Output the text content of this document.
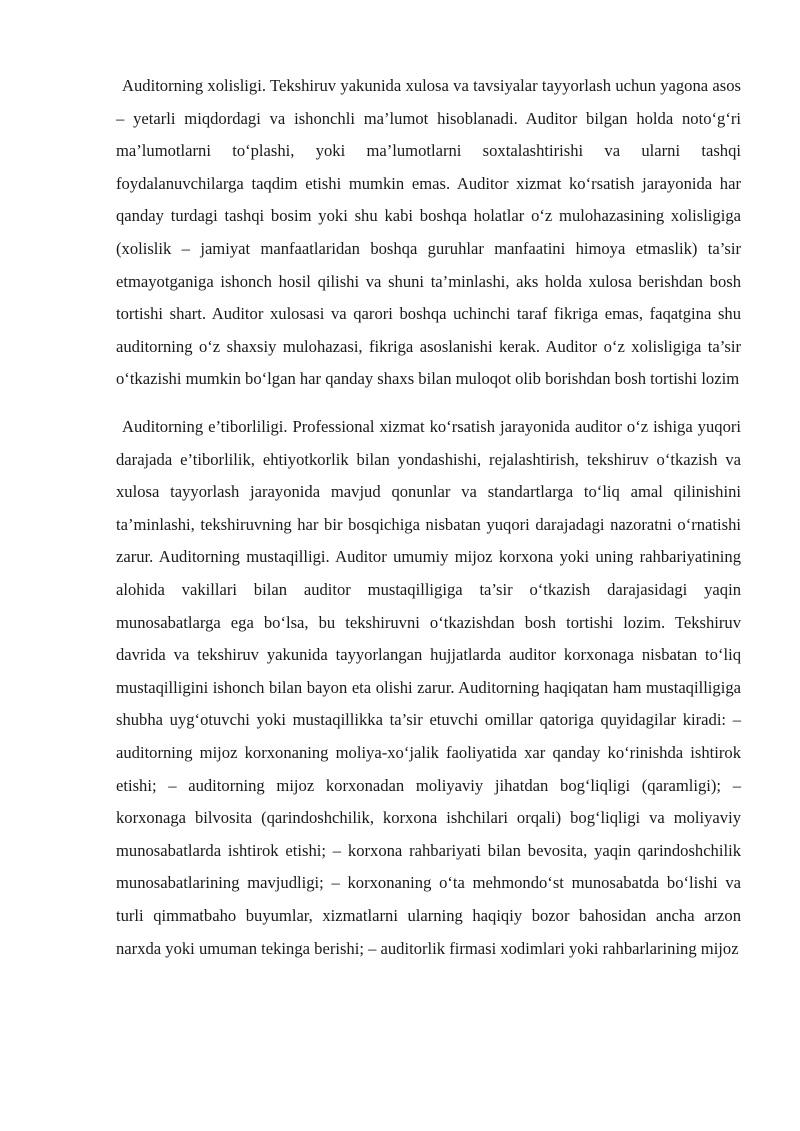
Auditorning xolisligi. Tekshiruv yakunida xulosa va tavsiyalar tayyorlash uchun yagona asos – yetarli miqdordagi va ishonchli ma’lumot hisoblanadi. Auditor bilgan holda noto‘g‘ri ma’lumotlarni to‘plashi, yoki ma’lumotlarni soxtalashtirishi va ularni tashqi foydalanuvchilarga taqdim etishi mumkin emas. Auditor xizmat ko‘rsatish jarayonida har qanday turdagi tashqi bosim yoki shu kabi boshqa holatlar o‘z mulohazasining xolisligiga (xolislik – jamiyat manfaatlaridan boshqa guruhlar manfaatini himoya etmaslik) ta’sir etmayotganiga ishonch hosil qilishi va shuni ta’minlashi, aks holda xulosa berishdan bosh tortishi shart. Auditor xulosasi va qarori boshqa uchinchi taraf fikriga emas, faqatgina shu auditorning o‘z shaxsiy mulohazasi, fikriga asoslanishi kerak. Auditor o‘z xolisligiga ta’sir o‘tkazishi mumkin bo‘lgan har qanday shaxs bilan muloqot olib borishdan bosh tortishi lozim

Auditorning e’tiborliligi. Professional xizmat ko‘rsatish jarayonida auditor o‘z ishiga yuqori darajada e’tiborlilik, ehtiyotkorlik bilan yondashishi, rejalashtirish, tekshiruv o‘tkazish va xulosa tayyorlash jarayonida mavjud qonunlar va standartlarga to‘liq amal qilinishini ta’minlashi, tekshiruvning har bir bosqichiga nisbatan yuqori darajadagi nazoratni o‘rnatishi zarur. Auditorning mustaqilligi. Auditor umumiy mijoz korxona yoki uning rahbariyatining alohida vakillari bilan auditor mustaqilligiga ta’sir o‘tkazish darajasidagi yaqin munosabatlarga ega bo‘lsa, bu tekshiruvni o‘tkazishdan bosh tortishi lozim. Tekshiruv davrida va tekshiruv yakunida tayyorlangan hujjatlarda auditor korxonaga nisbatan to‘liq mustaqilligini ishonch bilan bayon eta olishi zarur. Auditorning haqiqatan ham mustaqilligiga shubha uyg‘otuvchi yoki mustaqillikka ta’sir etuvchi omillar qatoriga quyidagilar kiradi: – auditorning mijoz korxonaning moliya-xo‘jalik faoliyatida xar qanday ko‘rinishda ishtirok etishi; – auditorning mijoz korxonadan moliyaviy jihatdan bog‘liqligi (qaramligi); – korxonaga bilvosita (qarindoshchilik, korxona ishchilari orqali) bog‘liqligi va moliyaviy munosabatlarda ishtirok etishi; – korxona rahbariyati bilan bevosita, yaqin qarindoshchilik munosabatlarining mavjudligi; – korxonaning o‘ta mehmondo‘st munosabatda bo‘lishi va turli qimmatbaho buyumlar, xizmatlarni ularning haqiqiy bozor bahosidan ancha arzon narxda yoki umuman tekinga berishi; – auditorlik firmasi xodimlari yoki rahbarlarining mijoz
